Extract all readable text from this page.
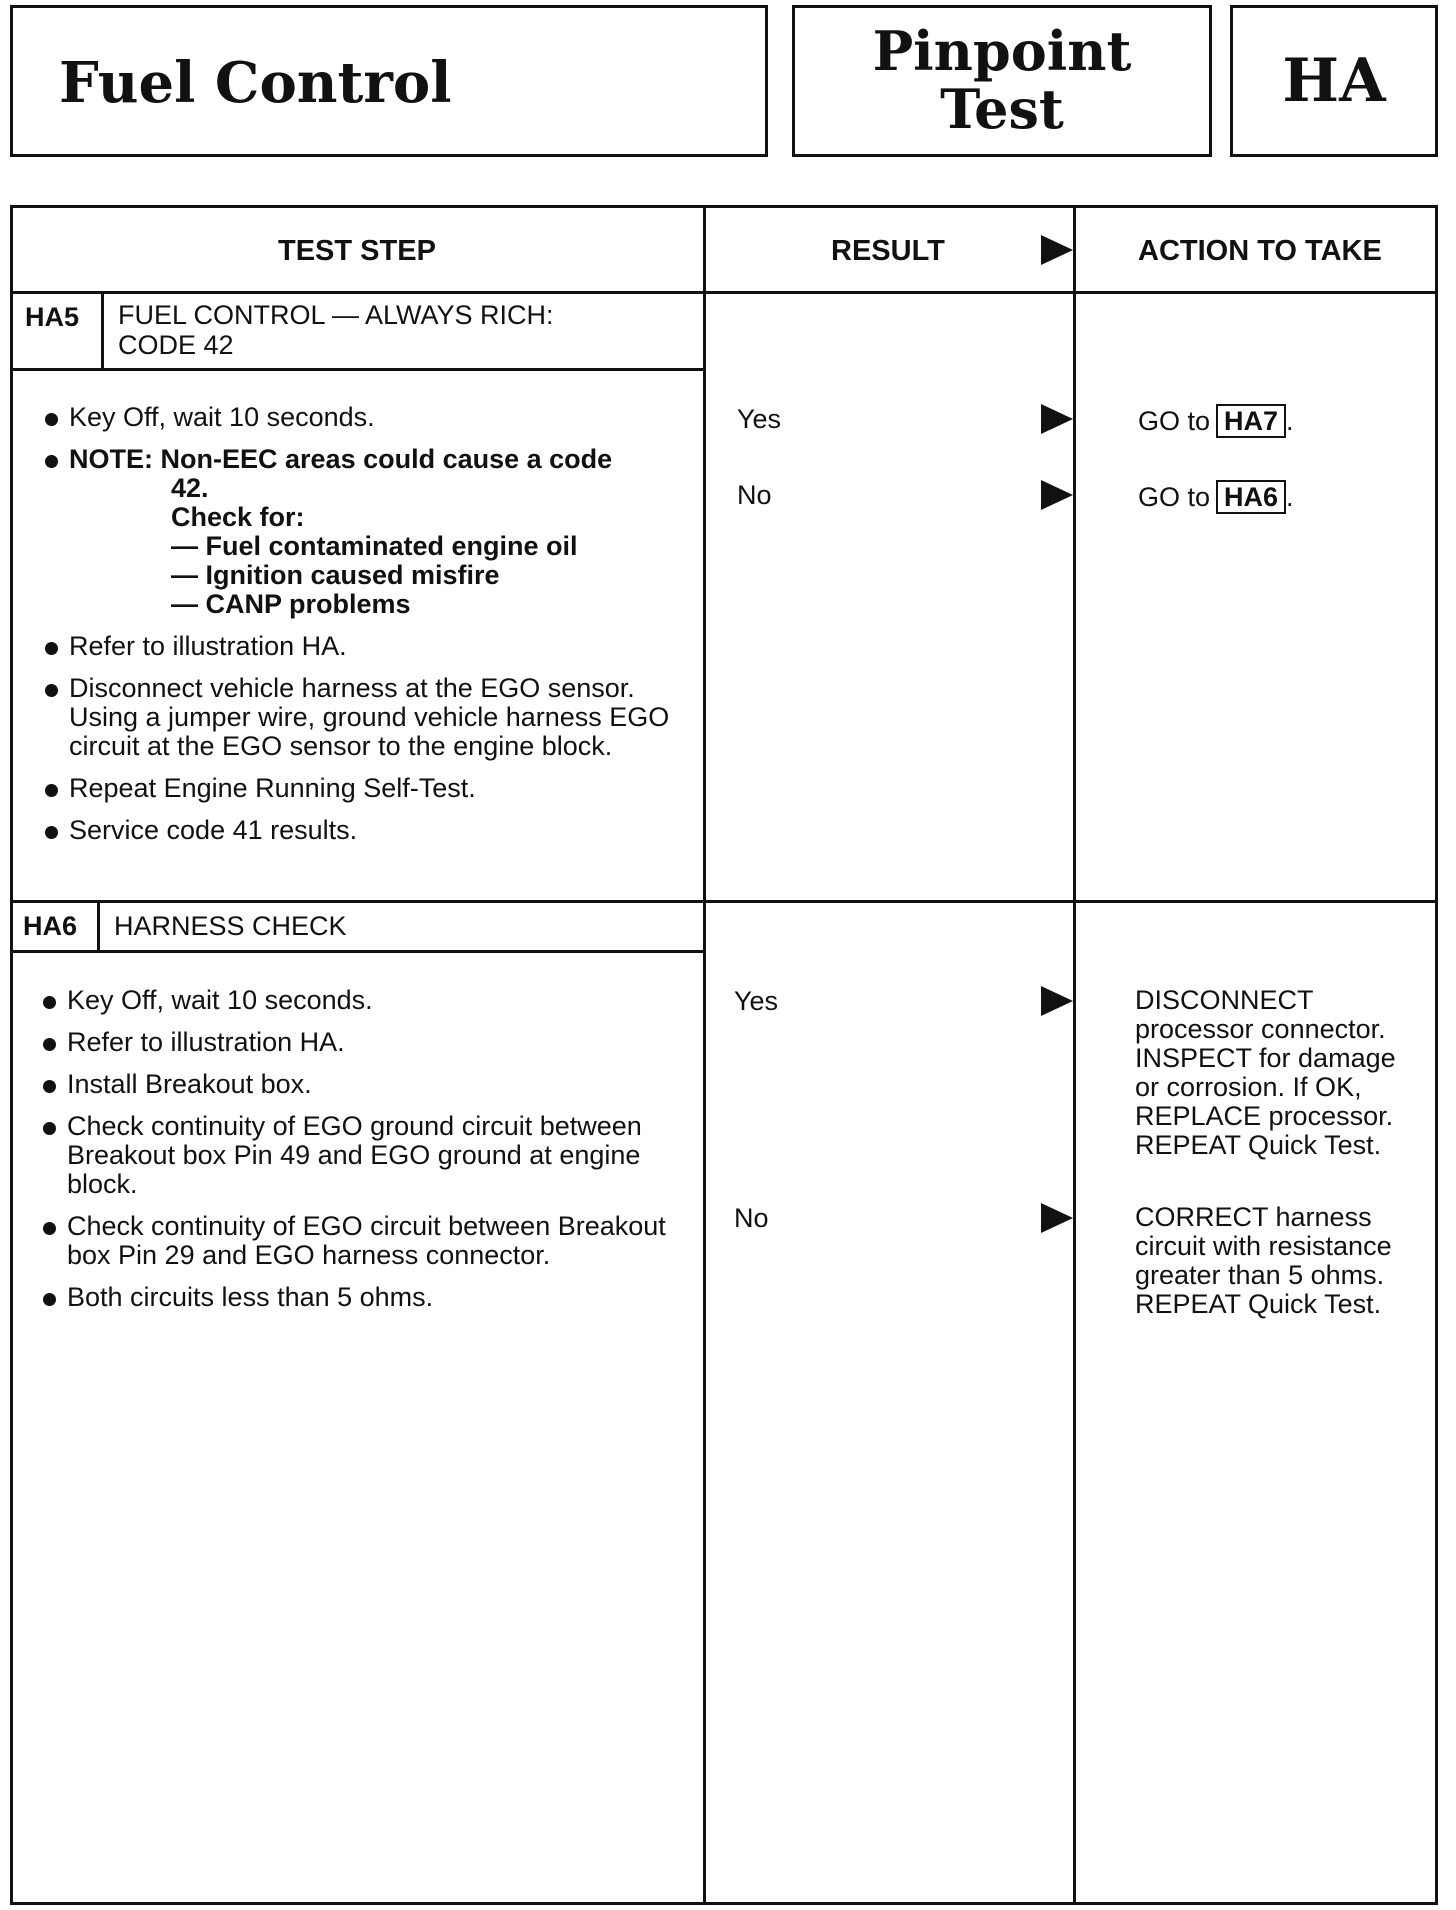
Fuel Control	Pinpoint
Test	HA
TEST STEP	RESULT	ACTION TO TAKE
HA5 FUEL CONTROL — ALWAYS RICH:
CODE 42
Key Off, wait 10 seconds.
NOTE: Non-EEC areas could cause a code
42.
Check for:
— Fuel contaminated engine oil
— Ignition caused misfire
— CANP problems
Refer to illustration HA.
Disconnect vehicle harness at the EGO sensor. Using a jumper wire, ground vehicle harness EGO circuit at the EGO sensor to the engine block.
Repeat Engine Running Self-Test.
Service code 41 results.
Yes	GO to HA7 .
No	GO to HA6 .
HA6 HARNESS CHECK
Key Off, wait 10 seconds.
Refer to illustration HA.
Install Breakout box.
Check continuity of EGO ground circuit between Breakout box Pin 49 and EGO ground at engine block.
Check continuity of EGO circuit between Breakout box Pin 29 and EGO harness connector.
Both circuits less than 5 ohms.
Yes	DISCONNECT
processor connector.
INSPECT for damage
or corrosion. If OK,
REPLACE processor.
REPEAT Quick Test.
No	CORRECT harness
circuit with resistance
greater than 5 ohms.
REPEAT Quick Test.
